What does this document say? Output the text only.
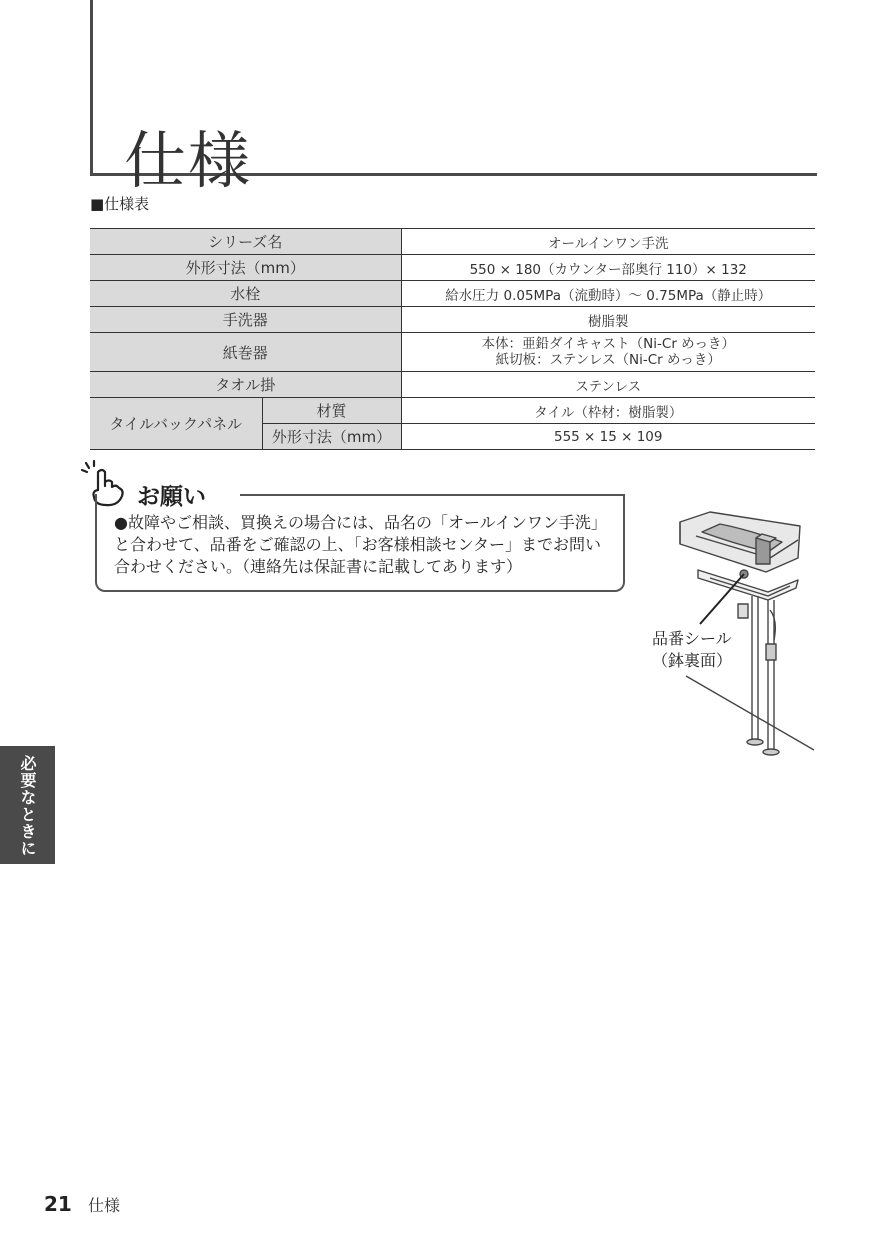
仕様
■仕様表
シリーズ名		オールインワン手洗
外形寸法（mm）		550 × 180（カウンター部奥行 110）× 132
水栓		給水圧力 0.05MPa（流動時）～ 0.75MPa（静止時）
手洗器		樹脂製
紙巻器		本体：亜鉛ダイキャスト（Ni-Cr めっき）
紙切板：ステンレス（Ni-Cr めっき）

タオル掛		ステンレス
タイルバックパネル	材質	タイル（枠材：樹脂製）
	外形寸法（mm）	555 × 15 × 109
お願い
●故障やご相談、買換えの場合には、品名の「オールインワン手洗」と合わせて、品番をご確認の上、「お客様相談センター」までお問い合わせください。（連絡先は保証書に記載してあります）
品番シール
（鉢裏面）
必要なときに
21 仕様
